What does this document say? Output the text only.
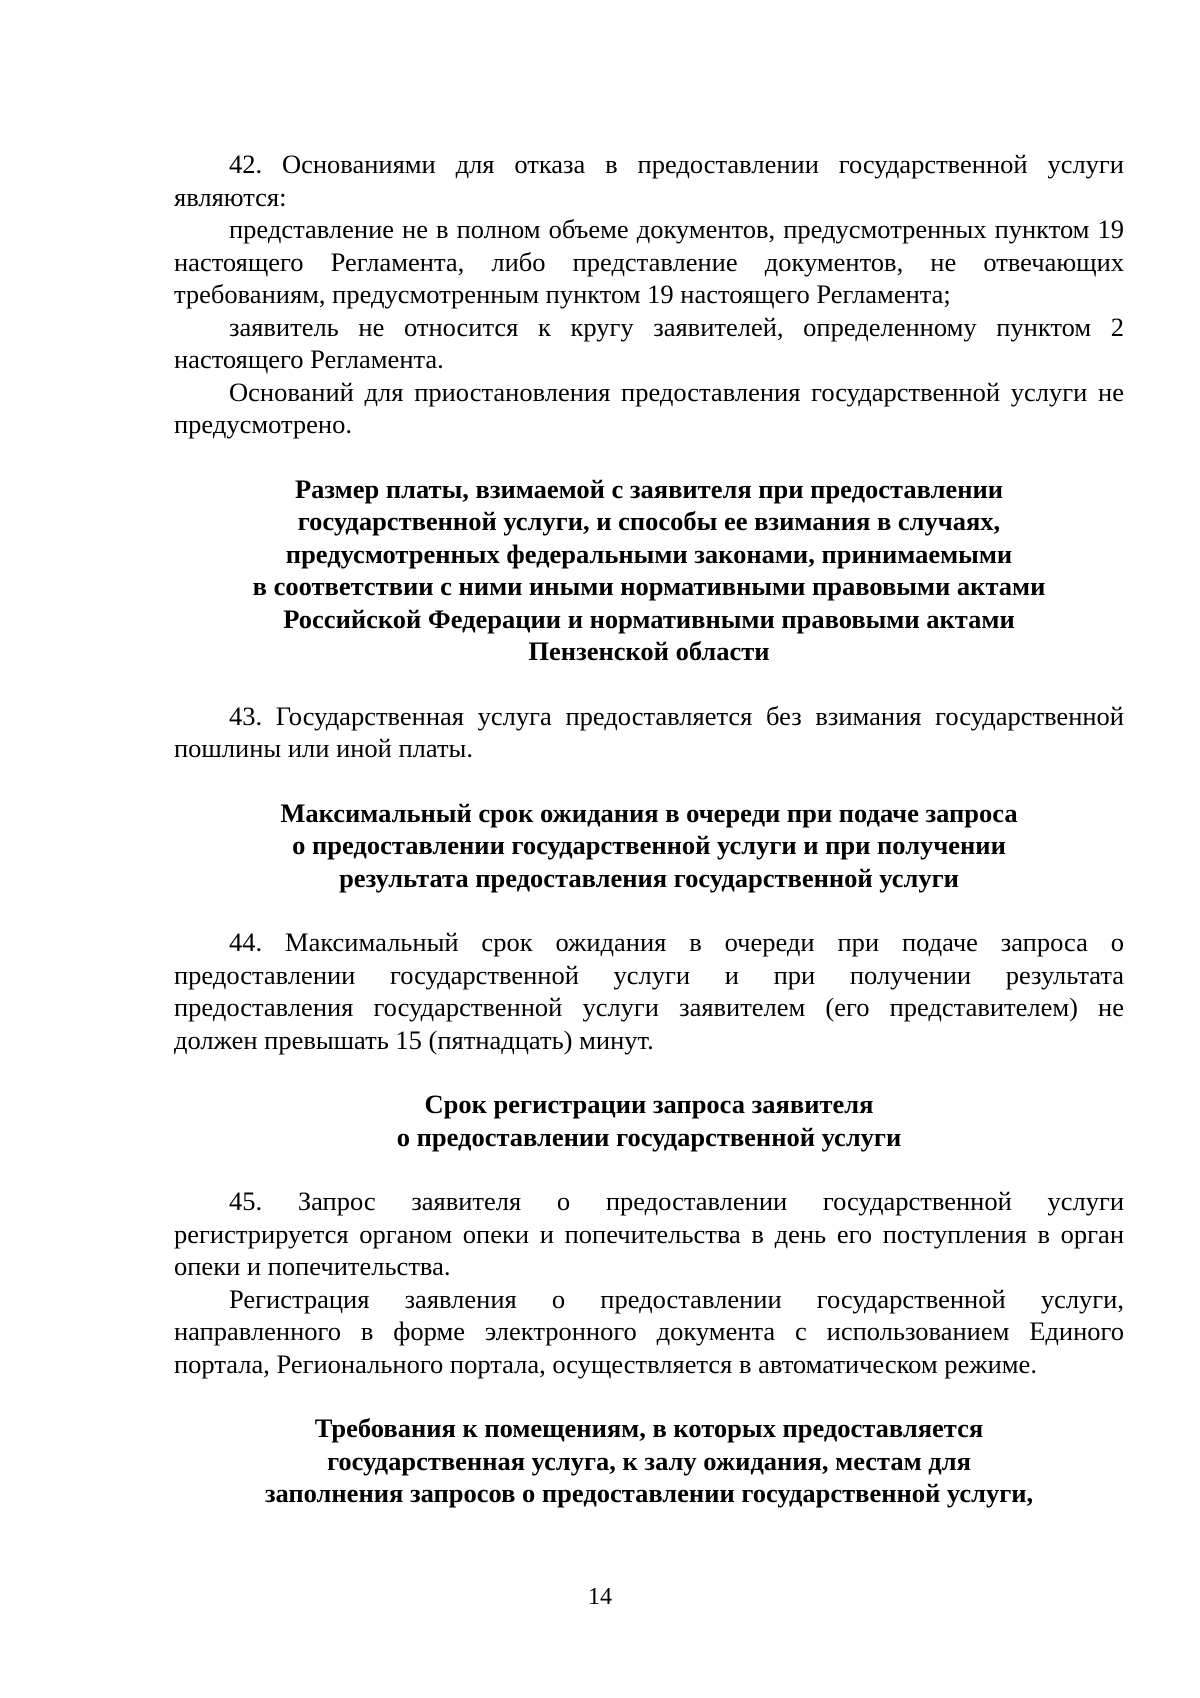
42. Основаниями для отказа в предоставлении государственной услуги являются:

представление не в полном объеме документов, предусмотренных пунктом 19 настоящего Регламента, либо представление документов, не отвечающих требованиям, предусмотренным пунктом 19 настоящего Регламента;

заявитель не относится к кругу заявителей, определенному пунктом 2 настоящего Регламента.

Оснований для приостановления предоставления государственной услуги не предусмотрено.

Размер платы, взимаемой с заявителя при предоставлении
государственной услуги, и способы ее взимания в случаях,
предусмотренных федеральными законами, принимаемыми
в соответствии с ними иными нормативными правовыми актами
Российской Федерации и нормативными правовыми актами
Пензенской области

43. Государственная услуга предоставляется без взимания государственной пошлины или иной платы.

Максимальный срок ожидания в очереди при подаче запроса
о предоставлении государственной услуги и при получении
результата предоставления государственной услуги

44. Максимальный срок ожидания в очереди при подаче запроса о предоставлении государственной услуги и при получении результата предоставления государственной услуги заявителем (его представителем) не должен превышать 15 (пятнадцать) минут.

Срок регистрации запроса заявителя
о предоставлении государственной услуги

45. Запрос заявителя о предоставлении государственной услуги регистрируется органом опеки и попечительства в день его поступления в орган опеки и попечительства.

Регистрация заявления о предоставлении государственной услуги, направленного в форме электронного документа с использованием Единого портала, Регионального портала, осуществляется в автоматическом режиме.

Требования к помещениям, в которых предоставляется
государственная услуга, к залу ожидания, местам для
заполнения запросов о предоставлении государственной услуги,
14
